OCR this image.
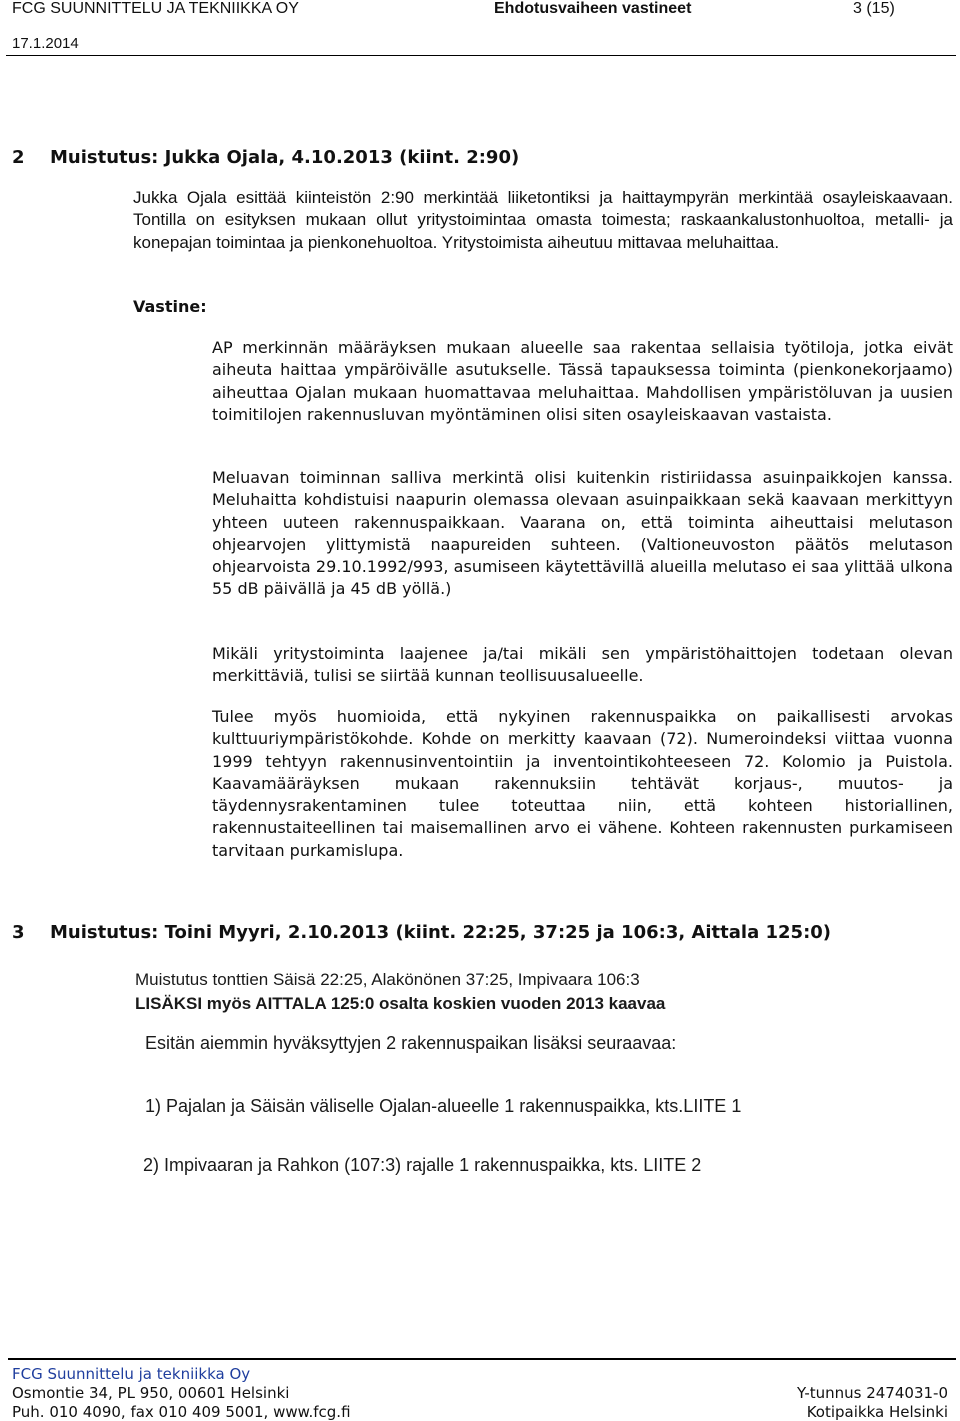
FCG SUUNNITTELU JA TEKNIIKKA OY	Ehdotusvaiheen vastineet	3 (15)
17.1.2014
2 Muistutus: Jukka Ojala, 4.10.2013 (kiint. 2:90)
Jukka Ojala esittää kiinteistön 2:90 merkintää liiketontiksi ja haittaympyrän merkintää osayleiskaavaan. Tontilla on esityksen mukaan ollut yritystoimintaa omasta toimesta; raskaankalustonhuoltoa, metalli- ja konepajan toimintaa ja pienkonehuoltoa. Yritystoimista aiheutuu mittavaa meluhaittaa.
Vastine:
AP merkinnän määräyksen mukaan alueelle saa rakentaa sellaisia työtiloja, jotka eivät aiheuta haittaa ympäröivälle asutukselle. Tässä tapauksessa toiminta (pienkonekorjaamo) aiheuttaa Ojalan mukaan huomattavaa meluhaittaa. Mahdollisen ympäristöluvan ja uusien toimitilojen rakennusluvan myöntäminen olisi siten osayleiskaavan vastaista.
Meluavan toiminnan salliva merkintä olisi kuitenkin ristiriidassa asuinpaikkojen kanssa. Meluhaitta kohdistuisi naapurin olemassa olevaan asuinpaikkaan sekä kaavaan merkittyyn yhteen uuteen rakennuspaikkaan. Vaarana on, että toiminta aiheuttaisi melutason ohjearvojen ylittymistä naapureiden suhteen. (Valtioneuvoston päätös melutason ohjearvoista 29.10.1992/993, asumiseen käytettävillä alueilla melutaso ei saa ylittää ulkona 55 dB päivällä ja 45 dB yöllä.)
Mikäli yritystoiminta laajenee ja/tai mikäli sen ympäristöhaittojen todetaan olevan merkittäviä, tulisi se siirtää kunnan teollisuusalueelle.
Tulee myös huomioida, että nykyinen rakennuspaikka on paikallisesti arvokas kulttuuriympäristökohde. Kohde on merkitty kaavaan (72). Numeroindeksi viittaa vuonna 1999 tehtyyn rakennusinventointiin ja inventointikohteeseen 72. Kolomio ja Puistola. Kaavamääräyksen mukaan rakennuksiin tehtävät korjaus-, muutos- ja täydennysrakentaminen tulee toteuttaa niin, että kohteen historiallinen, rakennustaiteellinen tai maisemallinen arvo ei vähene. Kohteen rakennusten purkamiseen tarvitaan purkamislupa.
3 Muistutus: Toini Myyri, 2.10.2013 (kiint. 22:25, 37:25 ja 106:3, Aittala 125:0)
Muistutus tonttien Säisä 22:25, Alakönönen 37:25, Impivaara 106:3
LISÄKSI myös AITTALA 125:0 osalta koskien vuoden 2013 kaavaa
Esitän aiemmin hyväksyttyjen 2 rakennuspaikan lisäksi seuraavaa:
1) Pajalan ja Säisän väliselle Ojalan-alueelle 1 rakennuspaikka, kts.LIITE 1
2) Impivaaran ja Rahkon (107:3) rajalle 1 rakennuspaikka, kts. LIITE 2
FCG Suunnittelu ja tekniikka Oy
Osmontie 34, PL 950, 00601 Helsinki
Puh. 010 4090, fax 010 409 5001, www.fcg.fi
Y-tunnus 2474031-0
Kotipaikka Helsinki
